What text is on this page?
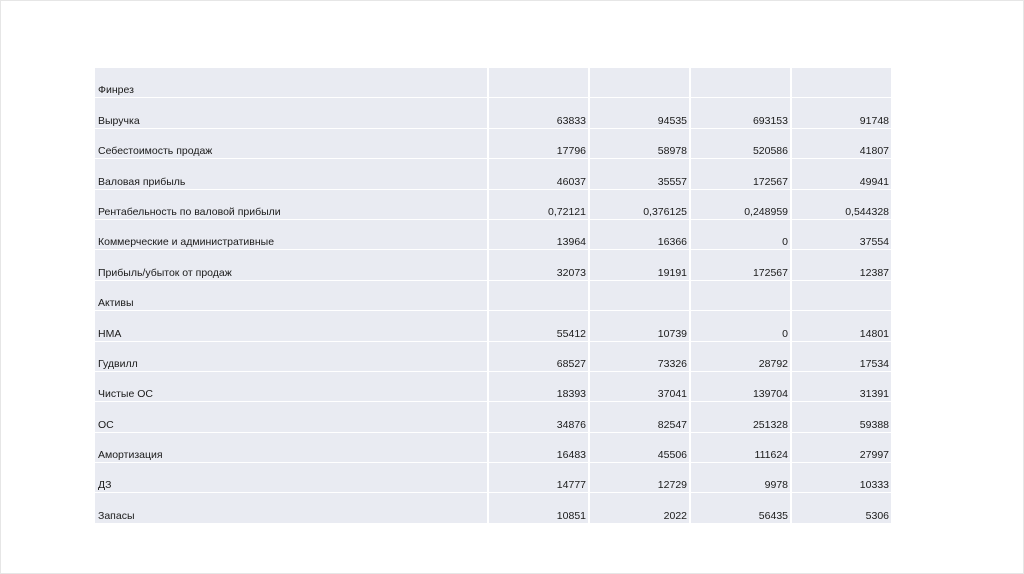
Финрез				
Выручка	63833	94535	693153	91748
Себестоимость продаж	17796	58978	520586	41807
Валовая прибыль	46037	35557	172567	49941
Рентабельность по валовой прибыли	0,72121	0,376125	0,248959	0,544328
Коммерческие и административные	13964	16366	0	37554
Прибыль/убыток от продаж	32073	19191	172567	12387
Активы				
НМА	55412	10739	0	14801
Гудвилл	68527	73326	28792	17534
Чистые ОС	18393	37041	139704	31391
ОС	34876	82547	251328	59388
Амортизация	16483	45506	111624	27997
ДЗ	14777	12729	9978	10333
Запасы	10851	2022	56435	5306
